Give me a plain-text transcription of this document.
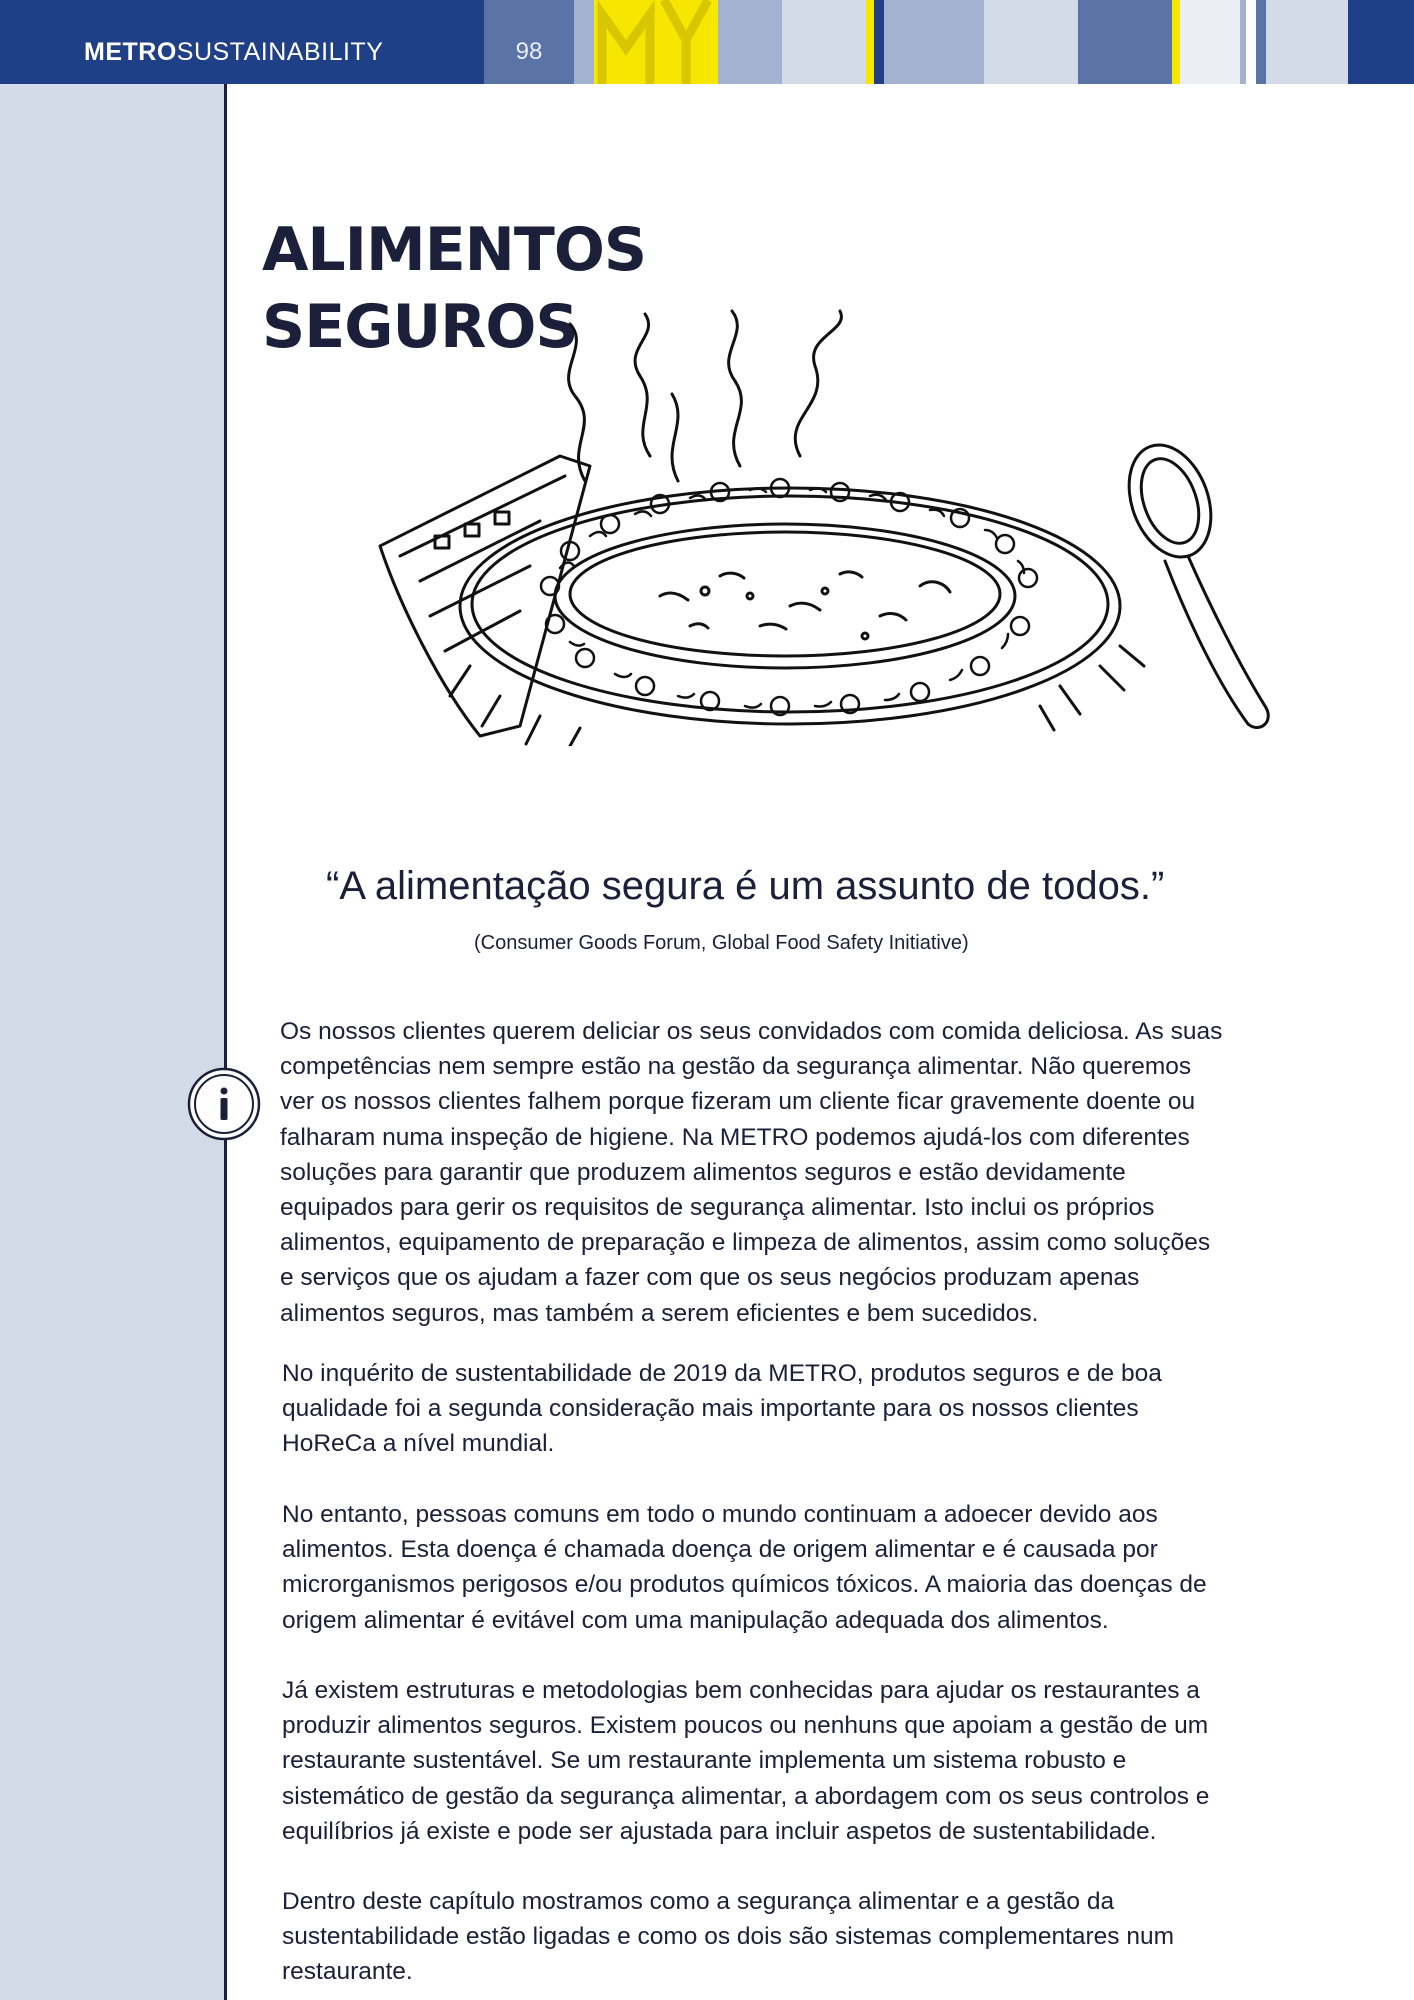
METROSUSTAINABILITY	98
ALIMENTOS
SEGUROS
“A alimentação segura é um assunto de todos.”
(Consumer Goods Forum, Global Food Safety Initiative)
Os nossos clientes querem deliciar os seus convidados com comida deliciosa. As suas
competências nem sempre estão na gestão da segurança alimentar. Não queremos
ver os nossos clientes falhem porque fizeram um cliente ficar gravemente doente ou
falharam numa inspeção de higiene. Na METRO podemos ajudá-los com diferentes
soluções para garantir que produzem alimentos seguros e estão devidamente
equipados para gerir os requisitos de segurança alimentar. Isto inclui os próprios
alimentos, equipamento de preparação e limpeza de alimentos, assim como soluções
e serviços que os ajudam a fazer com que os seus negócios produzam apenas
alimentos seguros, mas também a serem eficientes e bem sucedidos.
No inquérito de sustentabilidade de 2019 da METRO, produtos seguros e de boa
qualidade foi a segunda consideração mais importante para os nossos clientes
HoReCa a nível mundial.
No entanto, pessoas comuns em todo o mundo continuam a adoecer devido aos
alimentos. Esta doença é chamada doença de origem alimentar e é causada por
microrganismos perigosos e/ou produtos químicos tóxicos. A maioria das doenças de
origem alimentar é evitável com uma manipulação adequada dos alimentos.
Já existem estruturas e metodologias bem conhecidas para ajudar os restaurantes a
produzir alimentos seguros. Existem poucos ou nenhuns que apoiam a gestão de um
restaurante sustentável. Se um restaurante implementa um sistema robusto e
sistemático de gestão da segurança alimentar, a abordagem com os seus controlos e
equilíbrios já existe e pode ser ajustada para incluir aspetos de sustentabilidade.
Dentro deste capítulo mostramos como a segurança alimentar e a gestão da
sustentabilidade estão ligadas e como os dois são sistemas complementares num
restaurante.
